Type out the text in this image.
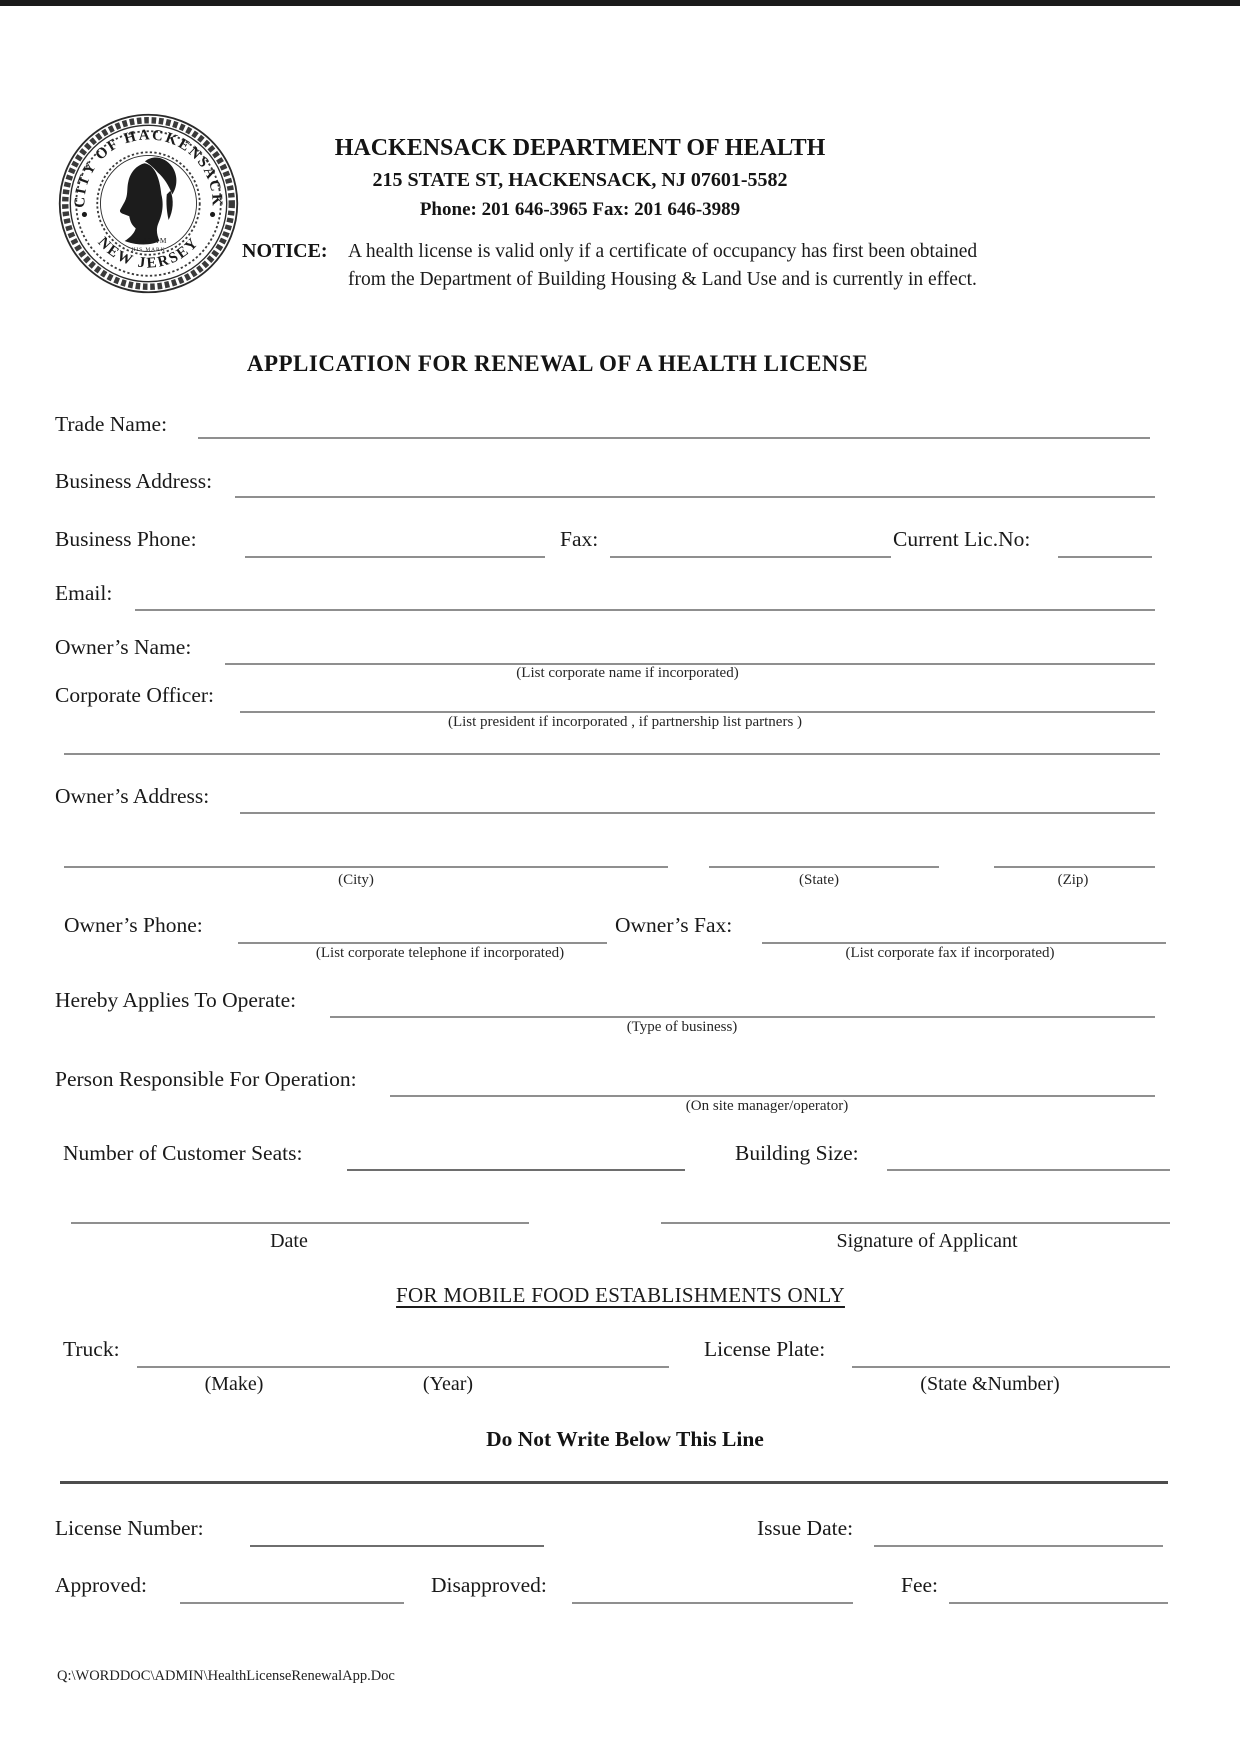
CITY OF HACKENSACK
NEW JERSEY
ORATAM
HIS MARK
HACKENSACK DEPARTMENT OF HEALTH
215 STATE ST, HACKENSACK, NJ 07601-5582
Phone: 201 646-3965 Fax: 201 646-3989
NOTICE: A health license is valid only if a certificate of occupancy has first been obtained
from the Department of Building Housing & Land Use and is currently in effect.
APPLICATION FOR RENEWAL OF A HEALTH LICENSE
Trade Name:
Business Address:
Business Phone:	Fax:	Current Lic.No:
Email:
Owner’s Name:
(List corporate name if incorporated)
Corporate Officer:
(List president if incorporated , if partnership list partners )
Owner’s Address:
(City)	(State)	(Zip)
Owner’s Phone:
(List corporate telephone if incorporated)
Owner’s Fax:
(List corporate fax if incorporated)
Hereby Applies To Operate:
(Type of business)
Person Responsible For Operation:
(On site manager/operator)
Number of Customer Seats:	Building Size:
Date	Signature of Applicant
FOR MOBILE FOOD ESTABLISHMENTS ONLY
Truck:
(Make)	(Year)
License Plate:
(State &Number)
Do Not Write Below This Line
License Number:	Issue Date:
Approved:	Disapproved:	Fee:
Q:\WORDDOC\ADMIN\HealthLicenseRenewalApp.Doc
